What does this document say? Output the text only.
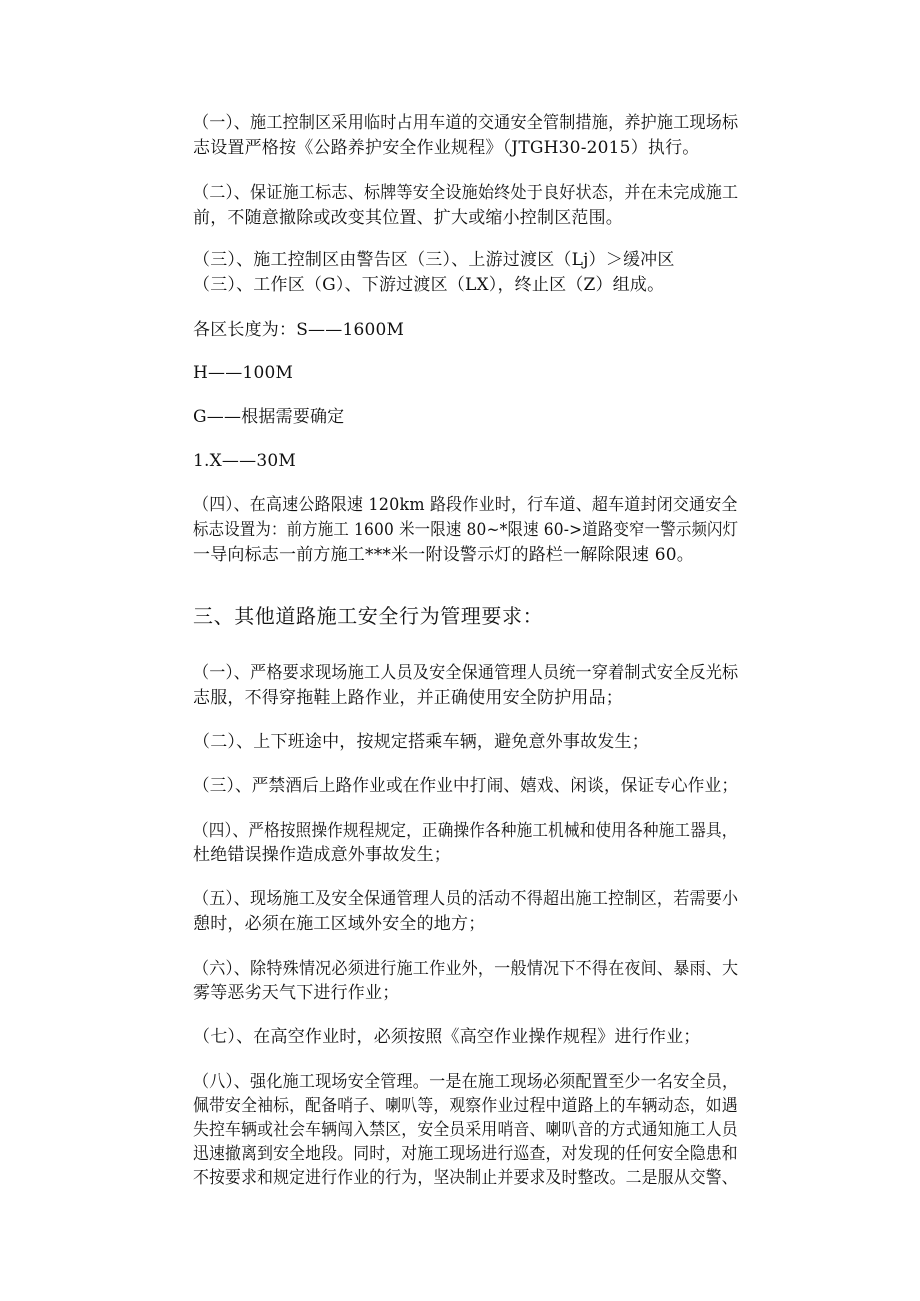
（一）、施工控制区采用临时占用车道的交通安全管制措施，养护施工现场标
志设置严格按《公路养护安全作业规程》（JTGH30-2015）执行。
（二）、保证施工标志、标牌等安全设施始终处于良好状态，并在未完成施工
前，不随意撤除或改变其位置、扩大或缩小控制区范围。
（三）、施工控制区由警告区（三）、上游过渡区（Lj）＞缓冲区
（三）、工作区（G）、下游过渡区（LX），终止区（Z）组成。
各区长度为：S——1600M
H——100M
G——根据需要确定
1.X——30M
（四）、在高速公路限速 120km 路段作业时，行车道、超车道封闭交通安全
标志设置为：前方施工 1600 米一限速 80~*限速 60->道路变窄一警示频闪灯
一导向标志一前方施工***米一附设警示灯的路栏一解除限速 60。
三、其他道路施工安全行为管理要求：
（一）、严格要求现场施工人员及安全保通管理人员统一穿着制式安全反光标
志服，不得穿拖鞋上路作业，并正确使用安全防护用品；
（二）、上下班途中，按规定搭乘车辆，避免意外事故发生；
（三）、严禁酒后上路作业或在作业中打闹、嬉戏、闲谈，保证专心作业；
（四）、严格按照操作规程规定，正确操作各种施工机械和使用各种施工器具，
杜绝错误操作造成意外事故发生；
（五）、现场施工及安全保通管理人员的活动不得超出施工控制区，若需要小
憩时，必须在施工区域外安全的地方；
（六）、除特殊情况必须进行施工作业外，一般情况下不得在夜间、暴雨、大
雾等恶劣天气下进行作业；
（七）、在高空作业时，必须按照《高空作业操作规程》进行作业；
（八）、强化施工现场安全管理。一是在施工现场必须配置至少一名安全员，
佩带安全袖标，配备哨子、喇叭等，观察作业过程中道路上的车辆动态，如遇
失控车辆或社会车辆闯入禁区，安全员采用哨音、喇叭音的方式通知施工人员
迅速撤离到安全地段。同时，对施工现场进行巡查，对发现的任何安全隐患和
不按要求和规定进行作业的行为，坚决制止并要求及时整改。二是服从交警、
